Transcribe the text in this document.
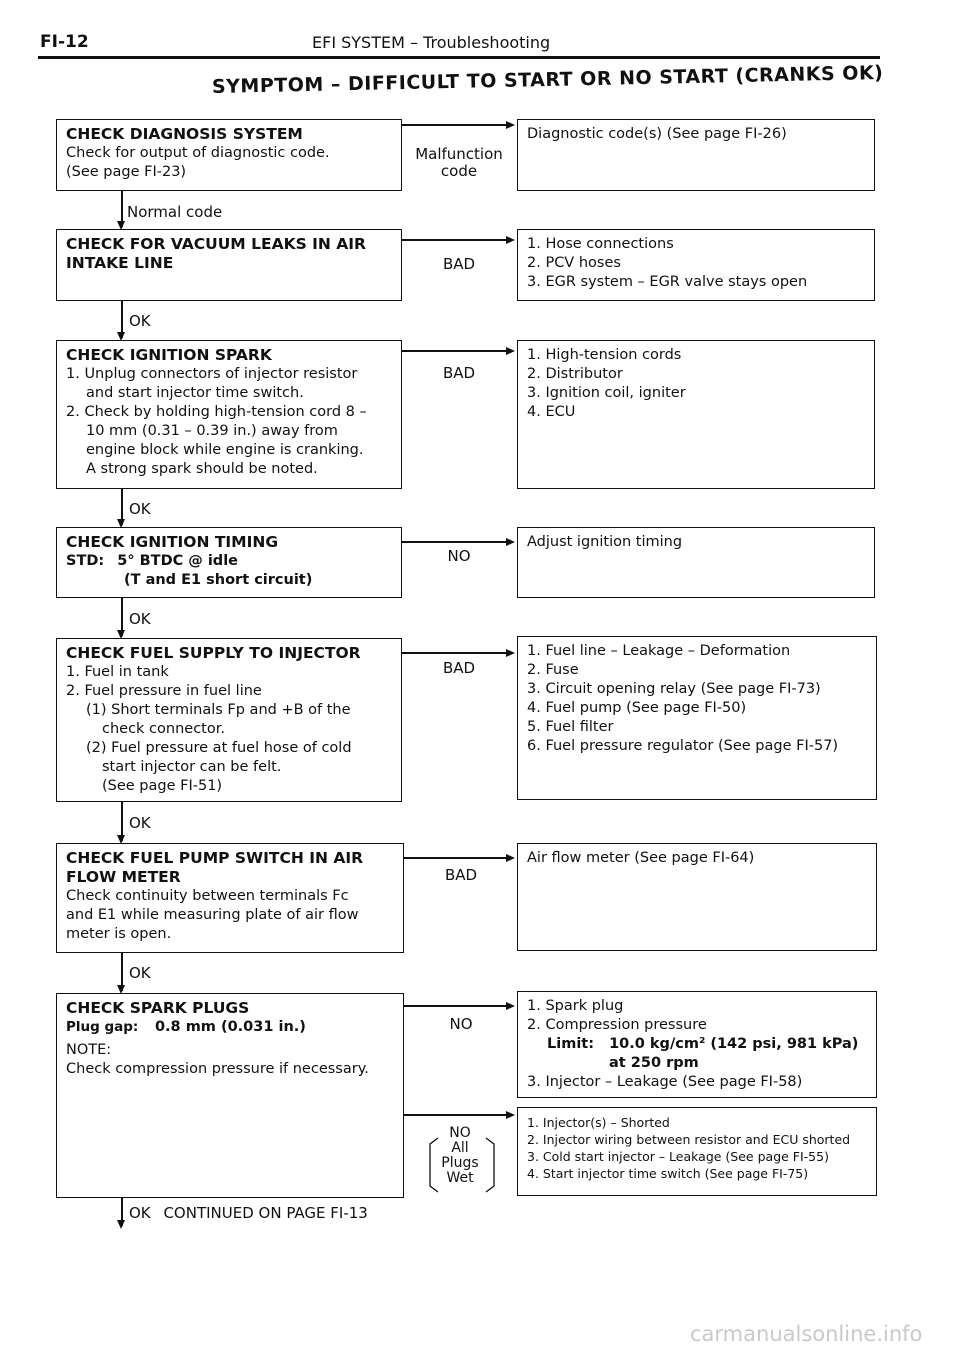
FI-12	EFI SYSTEM – Troubleshooting
SYMPTOM – DIFFICULT TO START OR NO START (CRANKS OK)
CHECK DIAGNOSIS SYSTEM
Check for output of diagnostic code.
(See page FI-23)
Malfunction
code
Diagnostic code(s) (See page FI-26)
Normal code
CHECK FOR VACUUM LEAKS IN AIR
INTAKE LINE	BAD
1. Hose connections
2. PCV hoses
3. EGR system – EGR valve stays open
OK
CHECK IGNITION SPARK
1. Unplug connectors of injector resistor
and start injector time switch.
2. Check by holding high-tension cord 8 –
10 mm (0.31 – 0.39 in.) away from
engine block while engine is cranking.
A strong spark should be noted.
BAD
1. High-tension cords
2. Distributor
3. Ignition coil, igniter
4. ECU
OK
CHECK IGNITION TIMING
STD: 5° BTDC @ idle
(T and E1 short circuit)
NO
Adjust ignition timing
OK
CHECK FUEL SUPPLY TO INJECTOR
1. Fuel in tank
2. Fuel pressure in fuel line
(1) Short terminals Fp and +B of the
check connector.
(2) Fuel pressure at fuel hose of cold
start injector can be felt.
(See page FI-51)
BAD
1. Fuel line – Leakage – Deformation
2. Fuse
3. Circuit opening relay (See page FI-73)
4. Fuel pump (See page FI-50)
5. Fuel filter
6. Fuel pressure regulator (See page FI-57)
OK
CHECK FUEL PUMP SWITCH IN AIR
FLOW METER
Check continuity between terminals Fc
and E1 while measuring plate of air flow
meter is open.
BAD
Air flow meter (See page FI-64)
OK
CHECK SPARK PLUGS
Plug gap: 0.8 mm (0.031 in.)
NOTE:
Check compression pressure if necessary.
NO
1. Spark plug
2. Compression pressure
Limit: 10.0 kg/cm² (142 psi, 981 kPa)
at 250 rpm
3. Injector – Leakage (See page FI-58)
NO
All
Plugs
Wet
1. Injector(s) – Shorted
2. Injector wiring between resistor and ECU shorted
3. Cold start injector – Leakage (See page FI-55)
4. Start injector time switch (See page FI-75)
OK CONTINUED ON PAGE FI-13
carmanualsonline.info
